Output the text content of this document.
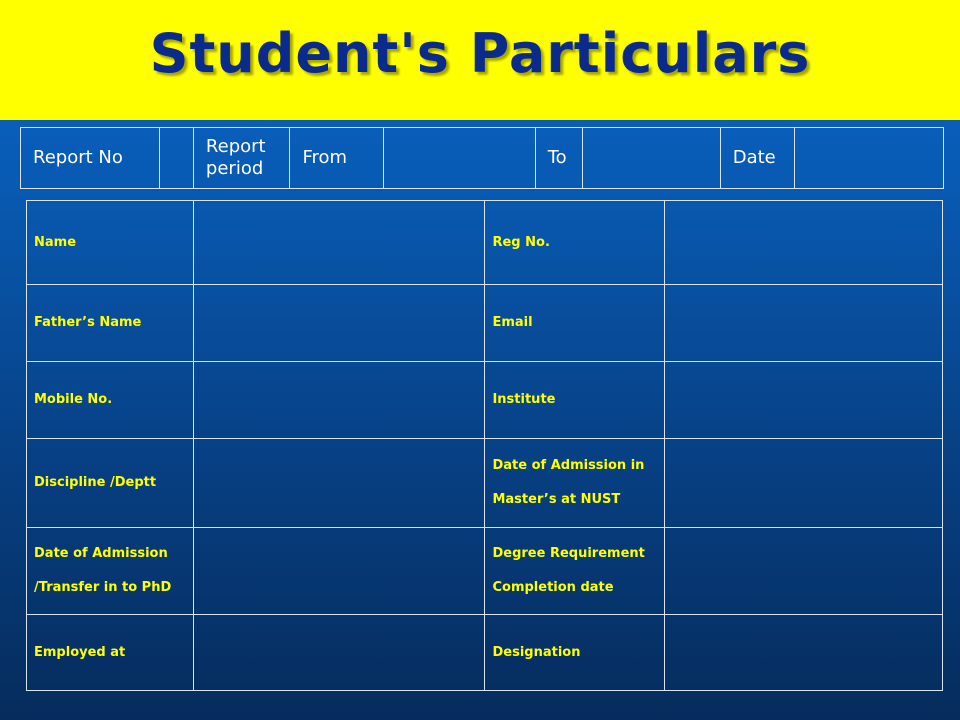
Student's Particulars
Report No		Report period	From		To		Date	
Name		Reg No.	
Father’s Name		Email	
Mobile No.		Institute	
Discipline /Deptt		Date of Admission in Master’s at NUST	
Date of Admission /Transfer in to PhD		Degree Requirement Completion date	
Employed at		Designation	
